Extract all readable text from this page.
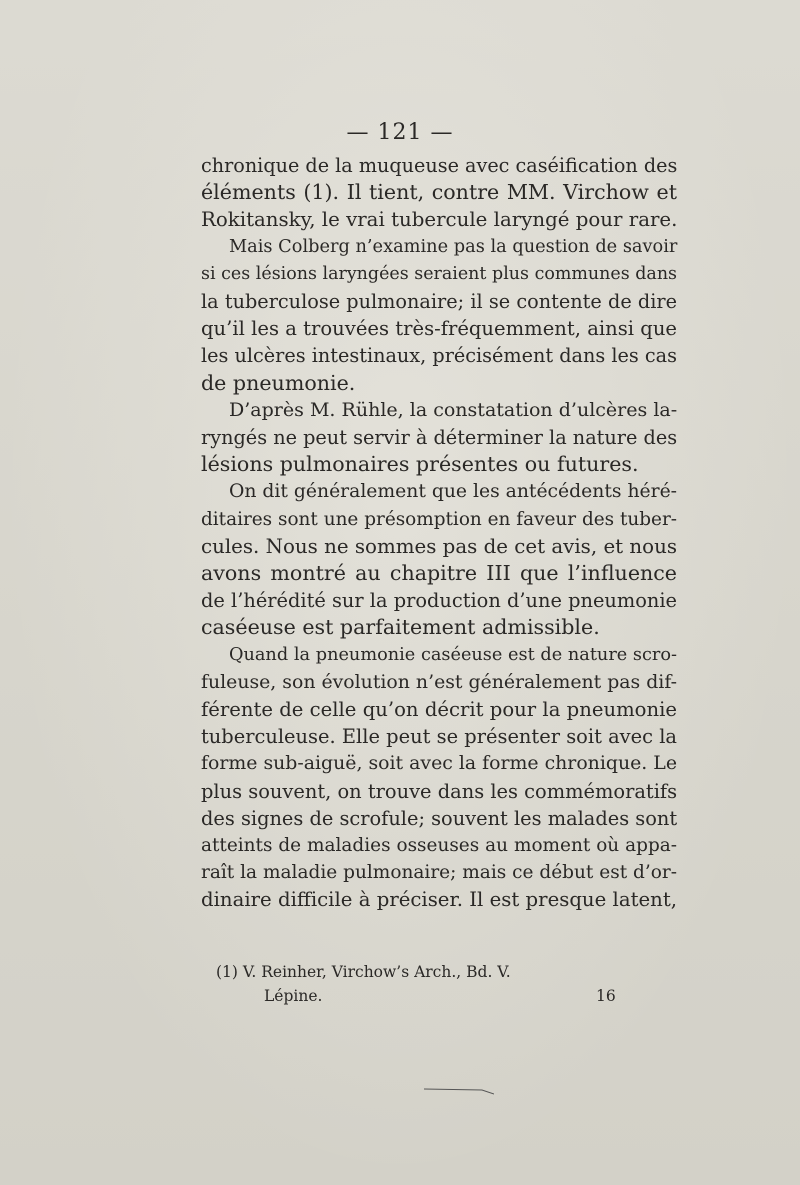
— 121 —
chronique de la muqueuse avec caséification des
éléments (1). Il tient, contre MM. Virchow et
Rokitansky, le vrai tubercule laryngé pour rare.
Mais Colberg n’examine pas la question de savoir
si ces lésions laryngées seraient plus communes dans
la tuberculose pulmonaire; il se contente de dire
qu’il les a trouvées très-fréquemment, ainsi que
les ulcères intestinaux, précisément dans les cas
de pneumonie.
D’après M. Rühle, la constatation d’ulcères la-
ryngés ne peut servir à déterminer la nature des
lésions pulmonaires présentes ou futures.
On dit généralement que les antécédents héré-
ditaires sont une présomption en faveur des tuber-
cules. Nous ne sommes pas de cet avis, et nous
avons montré au chapitre III que l’influence
de l’hérédité sur la production d’une pneumonie
caséeuse est parfaitement admissible.
Quand la pneumonie caséeuse est de nature scro-
fuleuse, son évolution n’est généralement pas dif-
férente de celle qu’on décrit pour la pneumonie
tuberculeuse. Elle peut se présenter soit avec la
forme sub-aiguë, soit avec la forme chronique. Le
plus souvent, on trouve dans les commémoratifs
des signes de scrofule; souvent les malades sont
atteints de maladies osseuses au moment où appa-
raît la maladie pulmonaire; mais ce début est d’or-
dinaire difficile à préciser. Il est presque latent,
(1) V. Reinher, Virchow’s Arch., Bd. V.
Lépine.	16
